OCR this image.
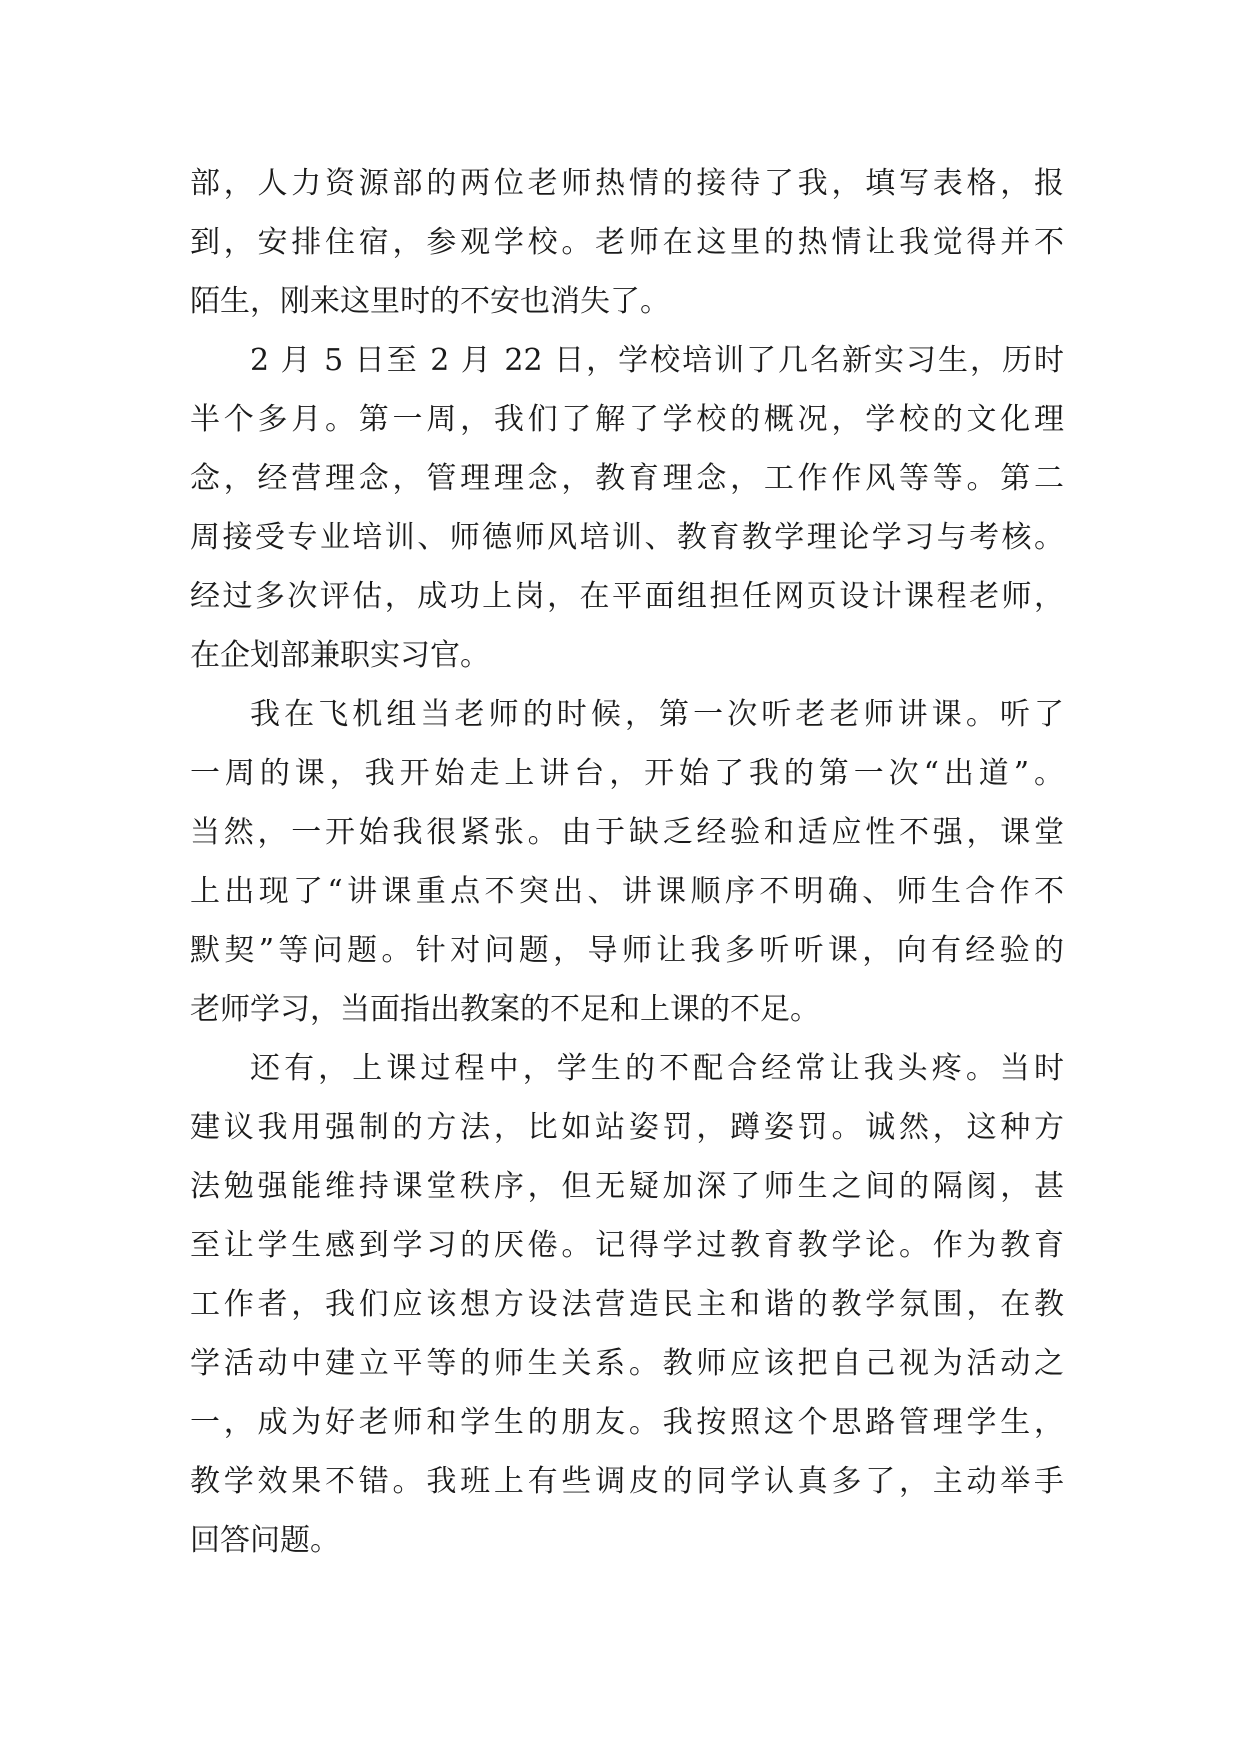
部，人力资源部的两位老师热情的接待了我，填写表格，报
到，安排住宿，参观学校。老师在这里的热情让我觉得并不
陌生，刚来这里时的不安也消失了。
2 月 5 日至 2 月 22 日，学校培训了几名新实习生，历时
半个多月。第一周，我们了解了学校的概况，学校的文化理
念，经营理念，管理理念，教育理念，工作作风等等。第二
周接受专业培训、师德师风培训、教育教学理论学习与考核。
经过多次评估，成功上岗，在平面组担任网页设计课程老师，
在企划部兼职实习官。
我在飞机组当老师的时候，第一次听老老师讲课。听了
一周的课，我开始走上讲台，开始了我的第一次“出道”。
当然，一开始我很紧张。由于缺乏经验和适应性不强，课堂
上出现了“讲课重点不突出、讲课顺序不明确、师生合作不
默契”等问题。针对问题，导师让我多听听课，向有经验的
老师学习，当面指出教案的不足和上课的不足。
还有，上课过程中，学生的不配合经常让我头疼。当时
建议我用强制的方法，比如站姿罚，蹲姿罚。诚然，这种方
法勉强能维持课堂秩序，但无疑加深了师生之间的隔阂，甚
至让学生感到学习的厌倦。记得学过教育教学论。作为教育
工作者，我们应该想方设法营造民主和谐的教学氛围，在教
学活动中建立平等的师生关系。教师应该把自己视为活动之
一，成为好老师和学生的朋友。我按照这个思路管理学生，
教学效果不错。我班上有些调皮的同学认真多了，主动举手
回答问题。
